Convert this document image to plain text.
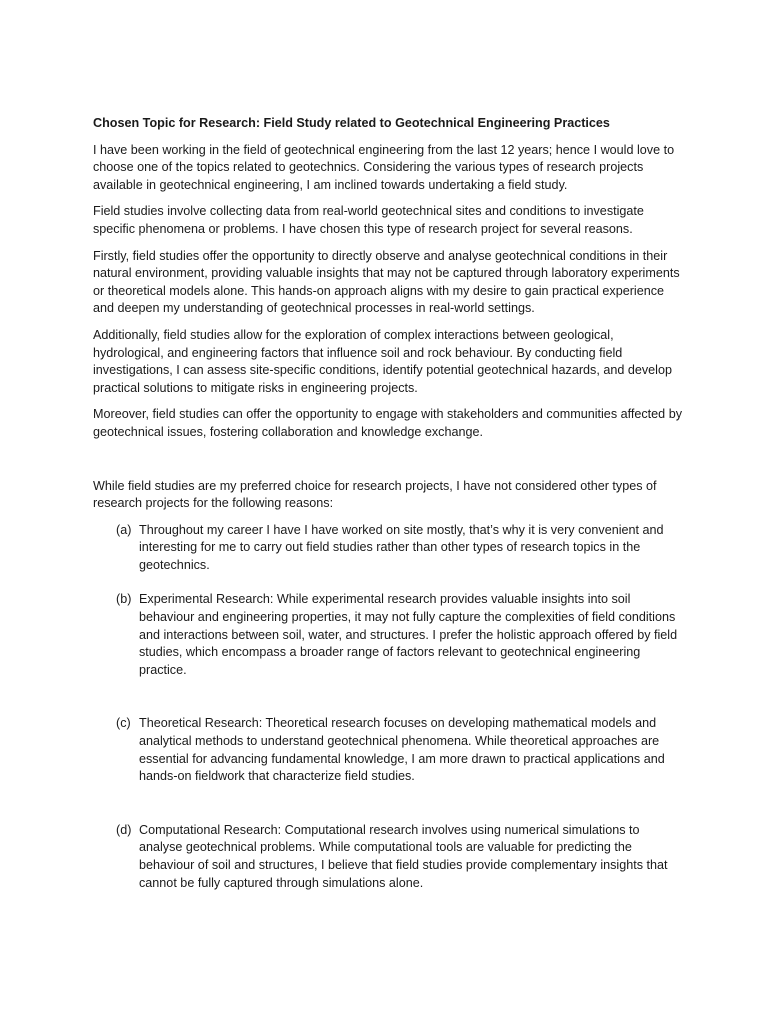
Chosen Topic for Research: Field Study related to Geotechnical Engineering Practices

I have been working in the field of geotechnical engineering from the last 12 years; hence I would love to choose one of the topics related to geotechnics. Considering the various types of research projects available in geotechnical engineering, I am inclined towards undertaking a field study.

Field studies involve collecting data from real-world geotechnical sites and conditions to investigate specific phenomena or problems. I have chosen this type of research project for several reasons.

Firstly, field studies offer the opportunity to directly observe and analyse geotechnical conditions in their natural environment, providing valuable insights that may not be captured through laboratory experiments or theoretical models alone. This hands-on approach aligns with my desire to gain practical experience and deepen my understanding of geotechnical processes in real-world settings.

Additionally, field studies allow for the exploration of complex interactions between geological, hydrological, and engineering factors that influence soil and rock behaviour. By conducting field investigations, I can assess site-specific conditions, identify potential geotechnical hazards, and develop practical solutions to mitigate risks in engineering projects.

Moreover, field studies can offer the opportunity to engage with stakeholders and communities affected by geotechnical issues, fostering collaboration and knowledge exchange.

While field studies are my preferred choice for research projects, I have not considered other types of research projects for the following reasons:

(a) Throughout my career I have I have worked on site mostly, that’s why it is very convenient and interesting for me to carry out field studies rather than other types of research topics in the geotechnics.
(b) Experimental Research: While experimental research provides valuable insights into soil behaviour and engineering properties, it may not fully capture the complexities of field conditions and interactions between soil, water, and structures. I prefer the holistic approach offered by field studies, which encompass a broader range of factors relevant to geotechnical engineering practice.
(c) Theoretical Research: Theoretical research focuses on developing mathematical models and analytical methods to understand geotechnical phenomena. While theoretical approaches are essential for advancing fundamental knowledge, I am more drawn to practical applications and hands-on fieldwork that characterize field studies.
(d) Computational Research: Computational research involves using numerical simulations to analyse geotechnical problems. While computational tools are valuable for predicting the behaviour of soil and structures, I believe that field studies provide complementary insights that cannot be fully captured through simulations alone.
